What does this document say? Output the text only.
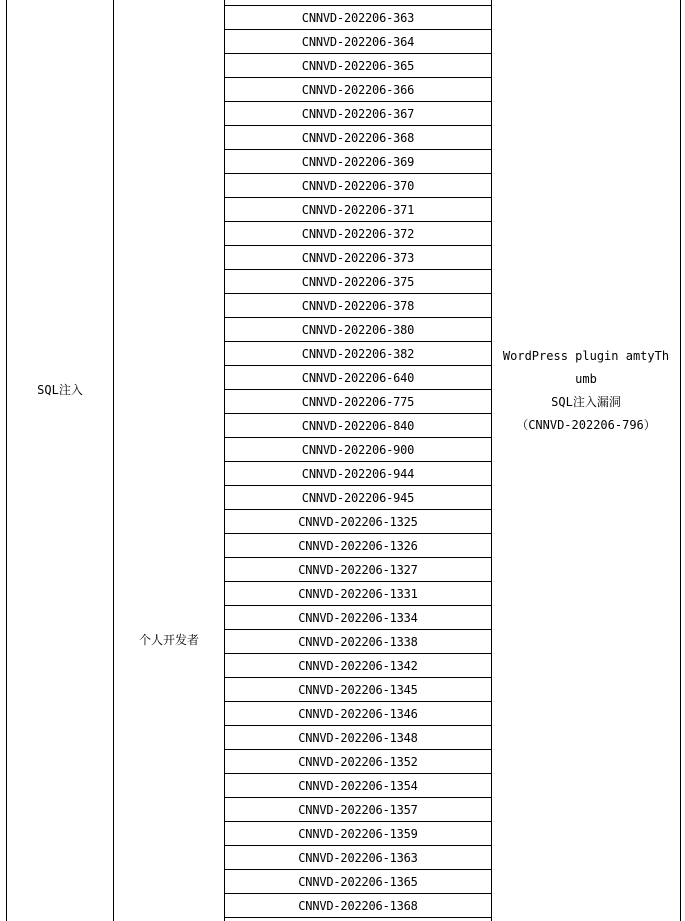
SQL注入
个人开发者
CNNVD-202206-363
CNNVD-202206-364
CNNVD-202206-365
CNNVD-202206-366
CNNVD-202206-367
CNNVD-202206-368
CNNVD-202206-369
CNNVD-202206-370
CNNVD-202206-371
CNNVD-202206-372
CNNVD-202206-373
CNNVD-202206-375
CNNVD-202206-378
CNNVD-202206-380
CNNVD-202206-382
CNNVD-202206-640
CNNVD-202206-775
CNNVD-202206-840
CNNVD-202206-900
CNNVD-202206-944
CNNVD-202206-945
CNNVD-202206-1325
CNNVD-202206-1326
CNNVD-202206-1327
CNNVD-202206-1331
CNNVD-202206-1334
CNNVD-202206-1338
CNNVD-202206-1342
CNNVD-202206-1345
CNNVD-202206-1346
CNNVD-202206-1348
CNNVD-202206-1352
CNNVD-202206-1354
CNNVD-202206-1357
CNNVD-202206-1359
CNNVD-202206-1363
CNNVD-202206-1365
CNNVD-202206-1368
WordPress plugin amtyTh
umb
SQL注入漏洞
（CNNVD-202206-796）
